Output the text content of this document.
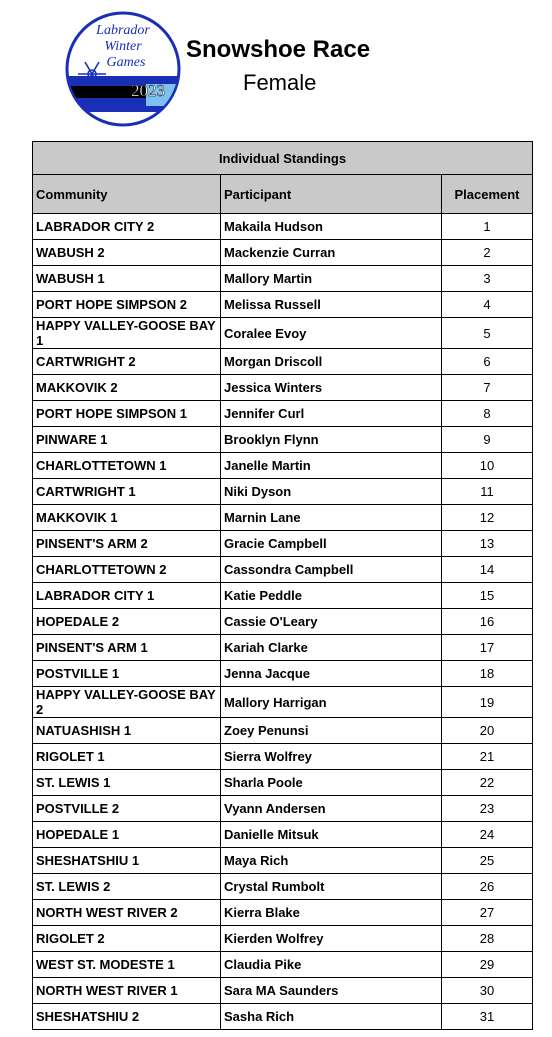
Labrador
Winter
Games
2023
Snowshoe Race
Female
Individual Standings		
Community	Participant	Placement
LABRADOR CITY 2	Makaila Hudson	1
WABUSH 2	Mackenzie Curran	2
WABUSH 1	Mallory Martin	3
PORT HOPE SIMPSON 2	Melissa Russell	4
HAPPY VALLEY-GOOSE BAY 1	Coralee Evoy	5
CARTWRIGHT 2	Morgan Driscoll	6
MAKKOVIK 2	Jessica Winters	7
PORT HOPE SIMPSON 1	Jennifer Curl	8
PINWARE 1	Brooklyn Flynn	9
CHARLOTTETOWN 1	Janelle Martin	10
CARTWRIGHT 1	Niki Dyson	11
MAKKOVIK 1	Marnin Lane	12
PINSENT'S ARM 2	Gracie Campbell	13
CHARLOTTETOWN 2	Cassondra Campbell	14
LABRADOR CITY 1	Katie Peddle	15
HOPEDALE 2	Cassie O'Leary	16
PINSENT'S ARM 1	Kariah Clarke	17
POSTVILLE 1	Jenna Jacque	18
HAPPY VALLEY-GOOSE BAY 2	Mallory Harrigan	19
NATUASHISH 1	Zoey Penunsi	20
RIGOLET 1	Sierra Wolfrey	21
ST. LEWIS 1	Sharla Poole	22
POSTVILLE 2	Vyann Andersen	23
HOPEDALE 1	Danielle Mitsuk	24
SHESHATSHIU 1	Maya Rich	25
ST. LEWIS 2	Crystal Rumbolt	26
NORTH WEST RIVER 2	Kierra Blake	27
RIGOLET 2	Kierden Wolfrey	28
WEST ST. MODESTE 1	Claudia Pike	29
NORTH WEST RIVER 1	Sara MA Saunders	30
SHESHATSHIU 2	Sasha Rich	31
